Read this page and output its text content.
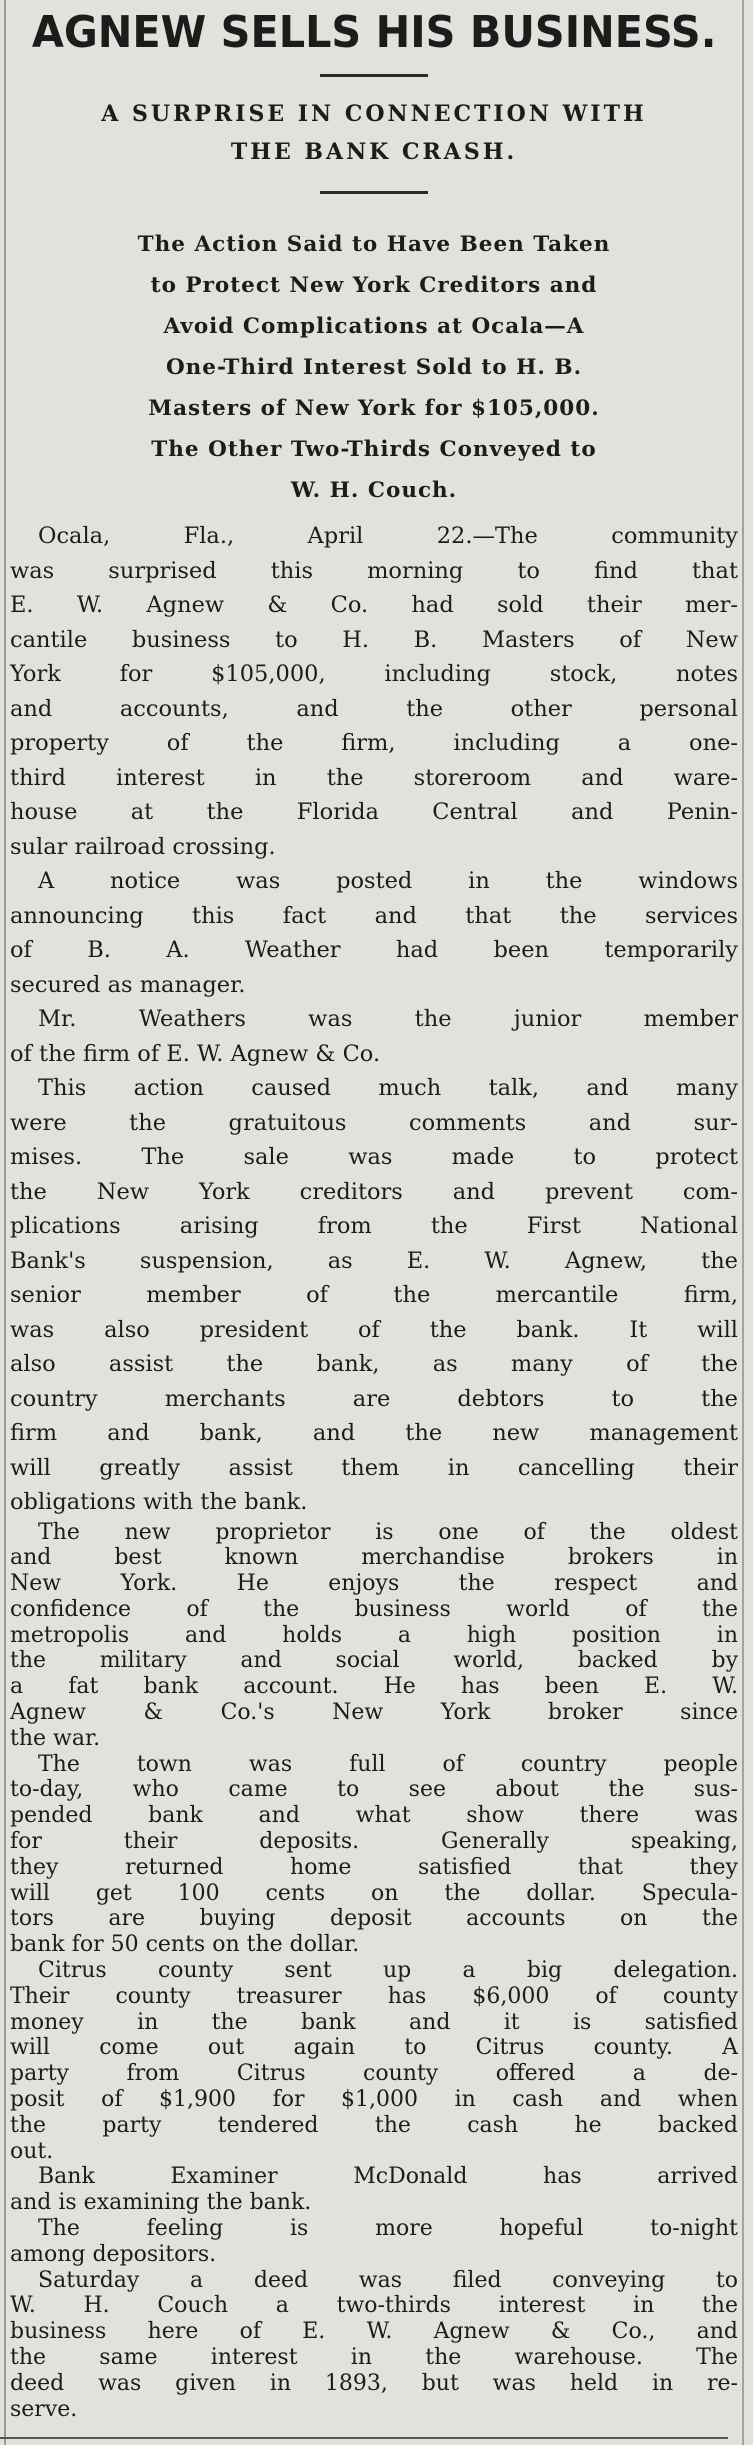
AGNEW SELLS HIS BUSINESS.
A SURPRISE IN CONNECTION WITH
THE BANK CRASH.
The Action Said to Have Been Taken
to Protect New York Creditors and
Avoid Complications at Ocala—A
One-Third Interest Sold to H. B.
Masters of New York for $105,000.
The Other Two-Thirds Conveyed to
W. H. Couch.
Ocala, Fla., April 22.—The community
was surprised this morning to find that
E. W. Agnew & Co. had sold their mer-
cantile business to H. B. Masters of New
York for $105,000, including stock, notes
and accounts, and the other personal
property of the firm, including a one-
third interest in the storeroom and ware-
house at the Florida Central and Penin-
sular railroad crossing.
A notice was posted in the windows
announcing this fact and that the services
of B. A. Weather had been temporarily
secured as manager.
Mr. Weathers was the junior member
of the firm of E. W. Agnew & Co.
This action caused much talk, and many
were the gratuitous comments and sur-
mises. The sale was made to protect
the New York creditors and prevent com-
plications arising from the First National
Bank's suspension, as E. W. Agnew, the
senior member of the mercantile firm,
was also president of the bank. It will
also assist the bank, as many of the
country merchants are debtors to the
firm and bank, and the new management
will greatly assist them in cancelling their
obligations with the bank.
The new proprietor is one of the oldest
and best known merchandise brokers in
New York. He enjoys the respect and
confidence of the business world of the
metropolis and holds a high position in
the military and social world, backed by
a fat bank account. He has been E. W.
Agnew & Co.'s New York broker since
the war.
The town was full of country people
to-day, who came to see about the sus-
pended bank and what show there was
for their deposits. Generally speaking,
they returned home satisfied that they
will get 100 cents on the dollar. Specula-
tors are buying deposit accounts on the
bank for 50 cents on the dollar.
Citrus county sent up a big delegation.
Their county treasurer has $6,000 of county
money in the bank and it is satisfied
will come out again to Citrus county. A
party from Citrus county offered a de-
posit of $1,900 for $1,000 in cash and when
the party tendered the cash he backed
out.
Bank Examiner McDonald has arrived
and is examining the bank.
The feeling is more hopeful to-night
among depositors.
Saturday a deed was filed conveying to
W. H. Couch a two-thirds interest in the
business here of E. W. Agnew & Co., and
the same interest in the warehouse. The
deed was given in 1893, but was held in re-
serve.
